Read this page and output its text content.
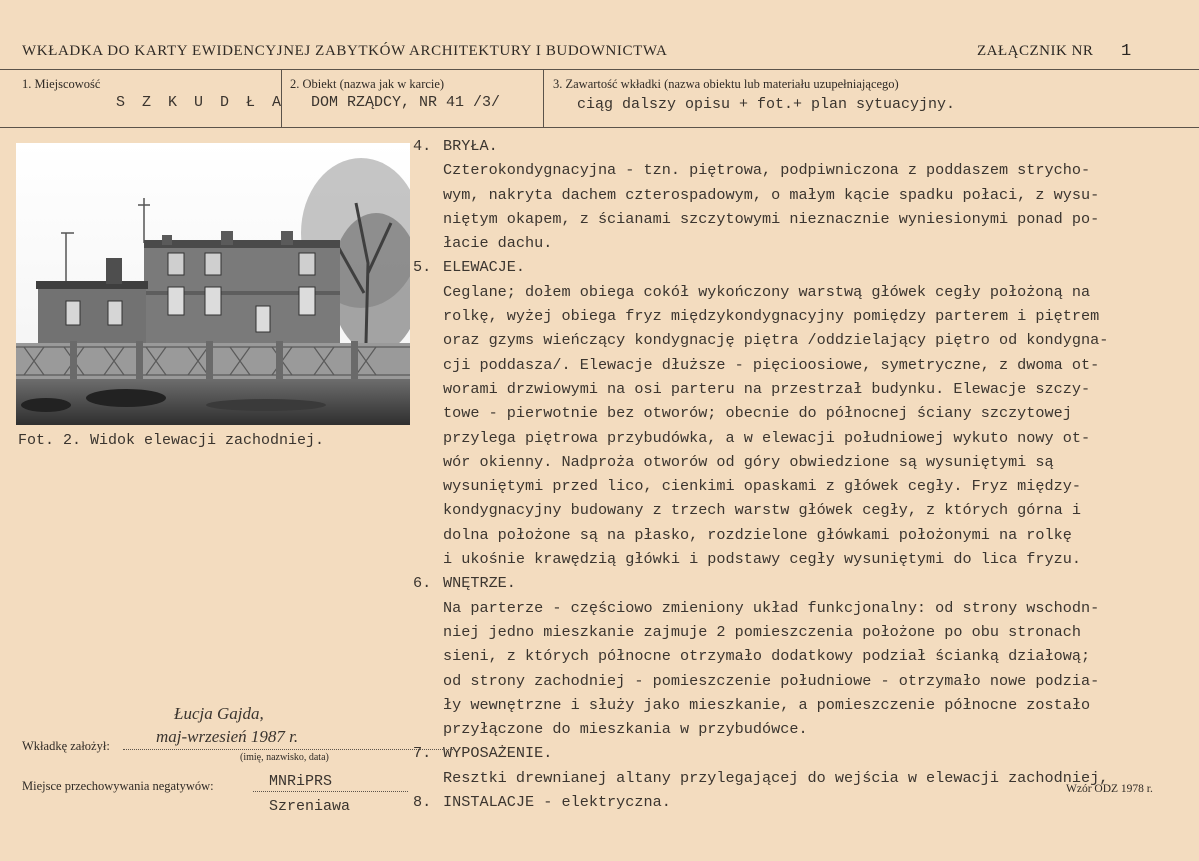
WKŁADKA DO KARTY EWIDENCYJNEJ ZABYTKÓW ARCHITEKTURY I BUDOWNICTWA	ZAŁĄCZNIK NR 1
1. Miejscowość
S Z K U D Ł A
2. Obiekt (nazwa jak w karcie)
DOM RZĄDCY, NR 41 /3/
3. Zawartość wkładki (nazwa obiektu lub materiału uzupełniającego)
ciąg dalszy opisu + fot.+ plan sytuacyjny.
Fot. 2. Widok elewacji zachodniej.
4. BRYŁA.
Czterokondygnacyjna - tzn. piętrowa, podpiwniczona z poddaszem strycho-
wym, nakryta dachem czterospadowym, o małym kącie spadku połaci, z wysu-
niętym okapem, z ścianami szczytowymi nieznacznie wyniesionymi ponad po-
łacie dachu.
5. ELEWACJE.
Ceglane; dołem obiega cokół wykończony warstwą główek cegły położoną na
rolkę, wyżej obiega fryz międzykondygnacyjny pomiędzy parterem i piętrem
oraz gzyms wieńczący kondygnację piętra /oddzielający piętro od kondygna-
cji poddasza/. Elewacje dłuższe - pięcioosiowe, symetryczne, z dwoma ot-
worami drzwiowymi na osi parteru na przestrzał budynku. Elewacje szczy-
towe - pierwotnie bez otworów; obecnie do północnej ściany szczytowej
przylega piętrowa przybudówka, a w elewacji południowej wykuto nowy ot-
wór okienny. Nadproża otworów od góry obwiedzione są wysuniętymi są
wysuniętymi przed lico, cienkimi opaskami z główek cegły. Fryz między-
kondygnacyjny budowany z trzech warstw główek cegły, z których górna i
dolna położone są na płasko, rozdzielone główkami położonymi na rolkę
i ukośnie krawędzią główki i podstawy cegły wysuniętymi do lica fryzu.
6. WNĘTRZE.
Na parterze - częściowo zmieniony układ funkcjonalny: od strony wschodn-
niej jedno mieszkanie zajmuje 2 pomieszczenia położone po obu stronach
sieni, z których północne otrzymało dodatkowy podział ścianką działową;
od strony zachodniej - pomieszczenie południowe - otrzymało nowe podzia-
ły wewnętrzne i służy jako mieszkanie, a pomieszczenie północne zostało
przyłączone do mieszkania w przybudówce.
7. WYPOSAŻENIE.
Resztki drewnianej altany przylegającej do wejścia w elewacji zachodniej,
8. INSTALACJE - elektryczna.
Łucja Gajda,
maj-wrzesień 1987 r.
Wkładkę założył:
(imię, nazwisko, data)
Miejsce przechowywania negatywów:	MNRiPRS
Szreniawa
Wzór ODZ 1978 r.
